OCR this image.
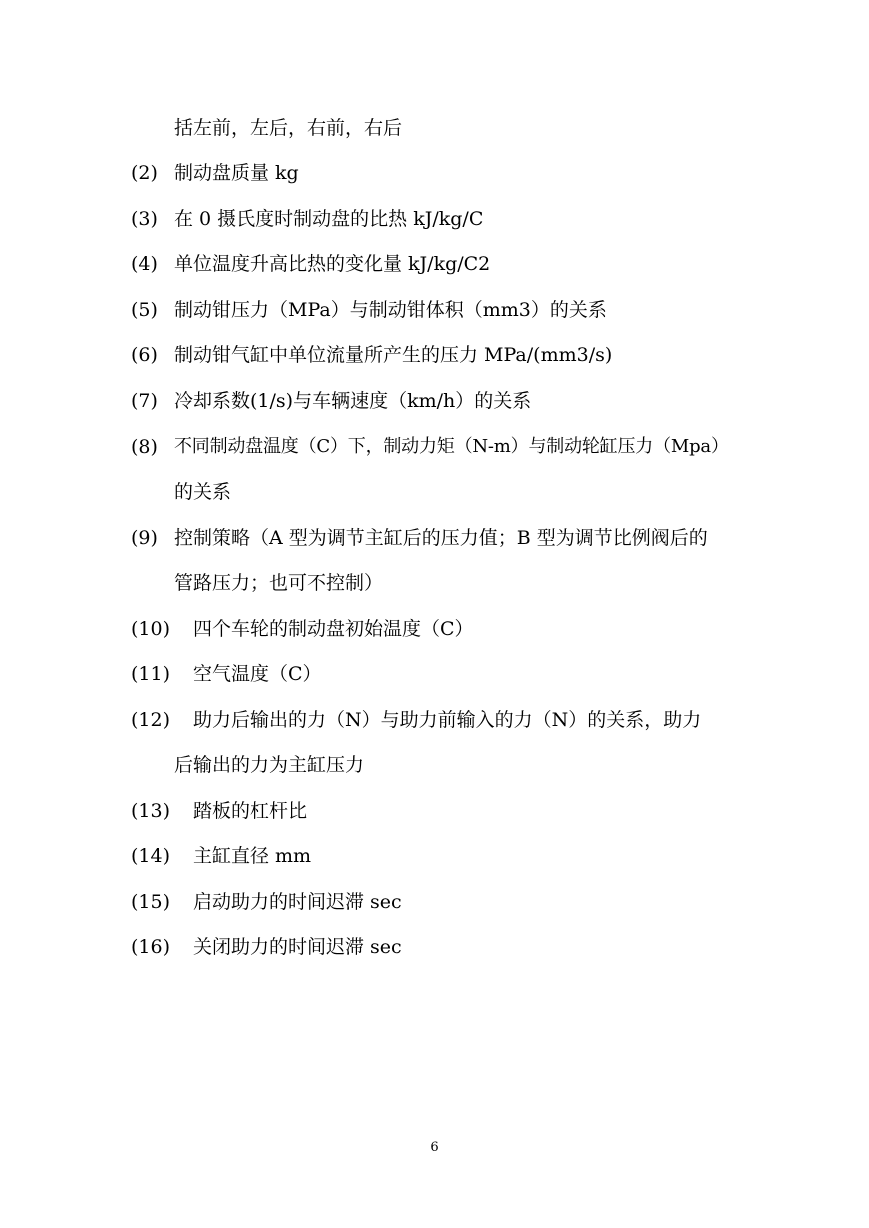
括左前，左后，右前，右后
(2) 制动盘质量 kg
(3) 在 0 摄氏度时制动盘的比热 kJ/kg/C
(4) 单位温度升高比热的变化量 kJ/kg/C2
(5) 制动钳压力（MPa）与制动钳体积（mm3）的关系
(6) 制动钳气缸中单位流量所产生的压力 MPa/(mm3/s)
(7) 冷却系数(1/s)与车辆速度（km/h）的关系
(8) 不同制动盘温度（C）下，制动力矩（N-m）与制动轮缸压力（Mpa）
的关系
(9) 控制策略（A 型为调节主缸后的压力值；B 型为调节比例阀后的
管路压力；也可不控制）
(10) 四个车轮的制动盘初始温度（C）
(11) 空气温度（C）
(12) 助力后输出的力（N）与助力前输入的力（N）的关系，助力
后输出的力为主缸压力
(13) 踏板的杠杆比
(14) 主缸直径 mm
(15) 启动助力的时间迟滞 sec
(16) 关闭助力的时间迟滞 sec
6
